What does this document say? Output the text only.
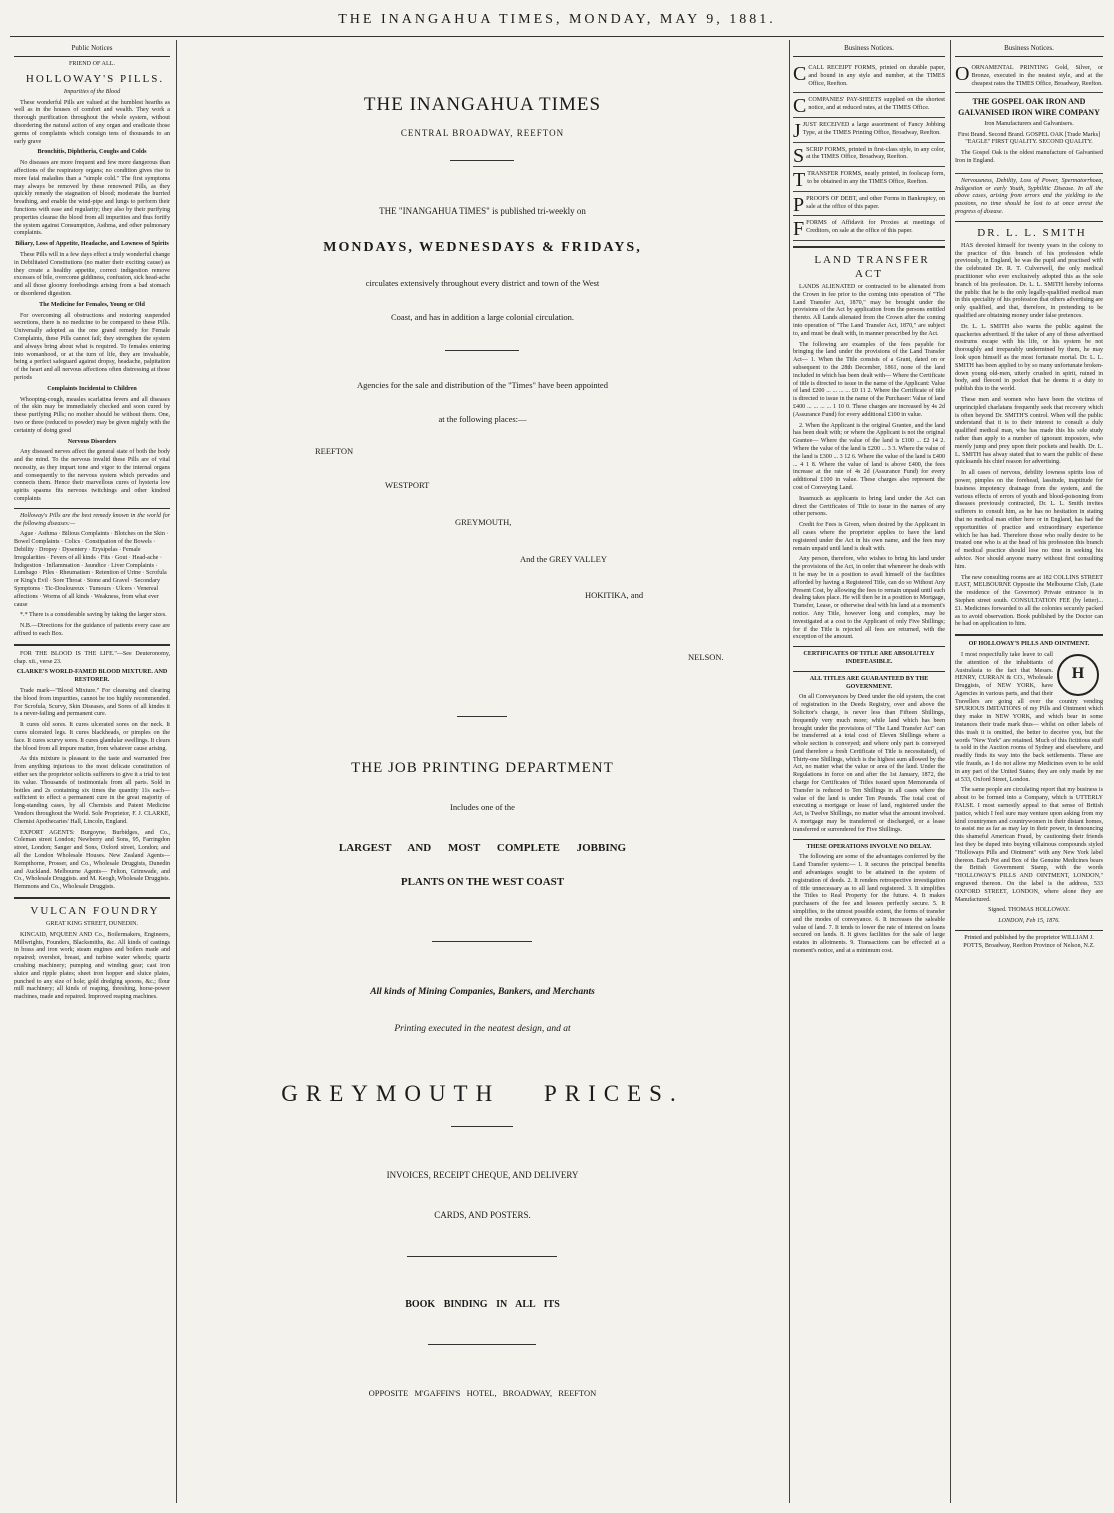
THE INANGAHUA TIMES, MONDAY, MAY 9, 1881.
Public Notices

FRIEND OF ALL.

HOLLOWAY'S PILLS.

Impurities of the Blood

These wonderful Pills are valued at the humblest hearths as well as in the houses of comfort and wealth. They work a thorough purification throughout the whole system, without disordering the natural action of any organ and eradicate those germs of complaints which consign tens of thousands to an early grave

Bronchitis, Diphtheria, Coughs and Colds

No diseases are more frequent and few more dangerous than affections of the respiratory organs; no condition gives rise to more fatal maladies than a "simple cold." The first symptoms may always be removed by these renowned Pills, as they quickly remedy the stagnation of blood; moderate the hurried breathing, and enable the wind-pipe and lungs to perform their functions with ease and regularity; they also by their purifying properties cleanse the blood from all impurities and thus fortify the system against Consumption, Asthma, and other pulmonary complaints.

Biliary, Loss of Appetite, Headache, and Lowness of Spirits

These Pills will in a few days effect a truly wonderful change in Debilitated Constitutions (no matter their exciting cause) as they create a healthy appetite, correct indigestion remove excesses of bile, overcome giddiness, confusion, sick head-ache and all those gloomy forebodings arising from a bad stomach or disordered digestion.

The Medicine for Females, Young or Old

For overcoming all obstructions and restoring suspended secretions, there is no medicine to be compared to these Pills. Universally adopted as the one grand remedy for Female Complaints, these Pills cannot fail; they strengthen the system and always bring about what is required. To females entering into womanhood, or at the turn of life, they are invaluable, being a perfect safeguard against dropsy, headache, palpitation of the heart and all nervous affections often distressing at those periods

Complaints Incidental to Children

Whooping-cough, measles scarlatina fevers and all diseases of the skin may be immediately checked and soon cured by these purifying Pills; no mother should be without them. One, two or three (reduced to powder) may be given nightly with the certainty of doing good

Nervous Disorders

Any diseased nerves affect the general state of both the body and the mind. To the nervous invalid these Pills are of vital necessity, as they impart tone and vigor to the internal organs and consequently to the nervous system which pervades and connects them. Hence their marvellous cures of hysteria low spirits spasms fits nervous twitchings and other kindred complaints

Holloway's Pills are the best remedy known in the world for the following diseases:—

Ague · Asthma · Bilious Complaints · Blotches on the Skin · Bowel Complaints · Colics · Constipation of the Bowels · Debility · Dropsy · Dysentery · Erysipelas · Female Irregularities · Fevers of all kinds · Fits · Gout · Head-ache · Indigestion · Inflammation · Jaundice · Liver Complaints · Lumbago · Piles · Rheumatism · Retention of Urine · Scrofula or King's Evil · Sore Throat · Stone and Gravel · Secondary Symptoms · Tic-Douloureux · Tumours · Ulcers · Venereal affections · Worms of all kinds · Weakness, from what ever cause

*.* There is a considerable saving by taking the larger sizes.

N.B.—Directions for the guidance of patients every case are affixed to each Box.

FOR THE BLOOD IS THE LIFE."—See Deuteronomy, chap. xii., verse 23.

CLARKE'S WORLD-FAMED BLOOD MIXTURE. AND RESTORER.

Trade mark—"Blood Mixture." For cleansing and clearing the blood from impurities, cannot be too highly recommended. For Scrofula, Scurvy, Skin Diseases, and Sores of all kindes it is a never-failing and permanent cure.

It cures old sores. It cures ulcerated sores on the neck. It cures ulcerated legs. It cures blackheads, or pimples on the face. It cures scurvy sores. It cures glandular swellings. It clears the blood from all impure matter, from whatever cause arising.

As this mixture is pleasant to the taste and warranted free from anything injurious to the most delicate constitution of either sex the proprietor solicits sufferers to give it a trial to test its value. Thousands of testimonials from all parts. Sold in bottles and 2s containing six times the quantity 11s each—sufficient to effect a permanent cure in the great majority of long-standing cases, by all Chemists and Patent Medicine Vendors throughout the World. Sole Proprietor, F. J. CLARKE, Chemist Apothecaries' Hall, Lincoln, England.

EXPORT AGENTS: Burgoyne, Burbidges, and Co., Coleman street London; Newberry and Sons, 95, Farringdon street, London; Sanger and Sons, Oxford street, London; and all the London Wholesale Houses. New Zealand Agents— Kempthorne, Prosser, and Co., Wholesale Druggists, Dunedin and Auckland. Melbourne Agents— Felton, Grimwade, and Co., Wholesale Druggists. and M. Keogh, Wholesale Druggists. Hemmons and Co., Wholesale Druggists.

VULCAN FOUNDRY

GREAT KING STREET, DUNEDIN.

KINCAID, M'QUEEN AND Co., Boilermakers, Engineers, Millwrights, Founders, Blacksmiths, &c. All kinds of castings in brass and iron work; steam engines and boilers made and repaired; overshot, breast, and turbine water wheels; quartz crushing machinery; pumping and winding gear; cast iron sluice and ripple plates; sheet iron hopper and sluice plates, punched to any size of hole; gold dredging spoons, &c.; flour mill machinery; all kinds of reaping, threshing, horse-power machines, made and repaired. Improved reaping machines.

THE INANGAHUA TIMES
CENTRAL BROADWAY, REEFTON
THE "INANGAHUA TIMES" is published tri-weekly on
MONDAYS, WEDNESDAYS & FRIDAYS,
circulates extensively throughout every district and town of the West
Coast, and has in addition a large colonial circulation.
Agencies for the sale and distribution of the "Times" have been appointed
at the following places:—
REEFTON
WESTPORT
GREYMOUTH,
And the GREY VALLEY
HOKITIKA, and
NELSON.
THE JOB PRINTING DEPARTMENT
Includes one of the
LARGEST AND MOST COMPLETE JOBBING
PLANTS ON THE WEST COAST
All kinds of Mining Companies, Bankers, and Merchants
Printing executed in the neatest design, and at
GREYMOUTH PRICES.
INVOICES, RECEIPT CHEQUE, AND DELIVERY
CARDS, AND POSTERS.
BOOK BINDING IN ALL ITS
OPPOSITE M'GAFFIN'S HOTEL, BROADWAY, REEFTON
Business Notices.
CCALL RECEIPT FORMS, printed on durable paper, and bound in any style and number, at the TIMES Office, Reefton.
CCOMPANIES' PAY-SHEETS supplied on the shortest notice, and at reduced rates, at the TIMES Office.
JJUST RECEIVED a large assortment of Fancy Jobbing Type, at the TIMES Printing Office, Broadway, Reefton.
SSCRIP FORMS, printed in first-class style, in any color, at the TIMES Office, Broadway, Reefton.
TTRANSFER FORMS, neatly printed, in foolscap form, to be obtained in any the TIMES Office, Reefton.
PPROOFS OF DEBT, and other Forms in Bankruptcy, on sale at the office of this paper.
FFORMS of Affidavit for Proxies at meetings of Creditors, on sale at the office of this paper.

LAND TRANSFER ACT

LANDS ALIENATED or contracted to be alienated from the Crown in fee prior to the coming into operation of "The Land Transfer Act, 1870," may be brought under the provisions of the Act by application from the persons entitled thereto. All Lands alienated from the Crown after the coming into operation of "The Land Transfer Act, 1870," are subject to, and must be dealt with, in manner prescribed by the Act.

The following are examples of the fees payable for bringing the land under the provisions of the Land Transfer Act— 1. When the Title consists of a Grant, dated on or subsequent to the 28th December, 1861, none of the land included in which has been dealt with— Where the Certificate of title is directed to issue in the name of the Applicant: Value of land £200 ... ... ... ... £0 11 2. Where the Certificate of title is directed to issue in the name of the Purchaser: Value of land £400 ... ... ... ... 1 10 0. These charges are increased by 4s 2d (Assurance Fund) for every additional £100 in value.

2. When the Applicant is the original Grantee, and the land has been dealt with; or where the Applicant is not the original Grantee— Where the value of the land is £100 ... £2 14 2. Where the value of the land is £200 ... 3 3. Where the value of the land is £300 ... 3 12 6. Where the value of the land is £400 ... 4 1 8. Where the value of land is above £400, the fees increase at the rate of 4s 2d (Assurance Fund) for every additional £100 in value. These charges also represent the cost of Conveying Land.

Inasmuch as applicants to bring land under the Act can direct the Certificates of Title to issue in the names of any other persons.

Credit for Fees is Given, when desired by the Applicant in all cases where the proprietor applies to have the land registered under the Act in his own name, and the fees may remain unpaid until land is dealt with.

Any person, therefore, who wishes to bring his land under the provisions of the Act, in order that whenever he deals with it he may be in a position to avail himself of the facilities afforded by having a Registered Title, can do so Without Any Present Cost, by allowing the fees to remain unpaid until such dealing takes place. He will then be in a position to Mortgage, Transfer, Lease, or otherwise deal with his land at a moment's notice. Any Title, however long and complex, may be investigated at a cost to the Applicant of only Five Shillings; for if the Title is rejected all fees are returned, with the exception of the amount.

CERTIFICATES OF TITLE ARE ABSOLUTELY INDEFEASIBLE.

ALL TITLES ARE GUARANTEED BY THE GOVERNMENT.

On all Conveyances by Deed under the old system, the cost of registration in the Deeds Registry, over and above the Solicitor's charge, is never less than Fifteen Shillings, frequently very much more; while land which has been brought under the provisions of "The Land Transfer Act" can be transferred at a total cost of Eleven Shillings where a whole section is conveyed; and where only part is conveyed (and therefore a fresh Certificate of Title is necessitated), of Thirty-one Shillings, which is the highest sum allowed by the Act, no matter what the value or area of the land. Under the Regulations in force on and after the 1st January, 1872, the charge for Certificates of Titles issued upon Memoranda of Transfer is reduced to Ten Shillings in all cases where the value of the land is under Ten Pounds. The total cost of executing a mortgage or lease of land, registered under the Act, is Twelve Shillings, no matter what the amount involved. A mortgage may be transferred or discharged, or a lease transferred or surrendered for Five Shillings.

THESE OPERATIONS INVOLVE NO DELAY.

The following are some of the advantages conferred by the Land Transfer system:— 1. It secures the principal benefits and advantages sought to be attained in the system of registration of deeds. 2. It renders retrospective investigation of title unnecessary as to all land registered. 3. It simplifies the Titles to Real Property for the future. 4. It makes purchasers of the fee and lessees perfectly secure. 5. It simplifies, to the utmost possible extent, the forms of transfer and the modes of conveyance. 6. It increases the saleable value of land. 7. It tends to lower the rate of interest on loans secured on lands. 8. It gives facilities for the sale of large estates in allotments. 9. Transactions can be effected at a moment's notice, and at a minimum cost.

Business Notices.
OORNAMENTAL PRINTING Gold, Silver, or Bronze, executed in the neatest style, and at the cheapest rates the TIMES Office, Broadway, Reefton.

THE GOSPEL OAK IRON AND GALVANISED IRON WIRE COMPANY

Iron Manufacturers and Galvanisers.

First Brand. Second Brand. GOSPEL OAK [Trade Marks] "EAGLE" FIRST QUALITY. SECOND QUALITY.

The Gospel Oak is the oldest manufacture of Galvanised Iron in England.

Nervousness, Debility, Loss of Power, Spermatorrhoea, Indigestion or early Youth, Syphilitic Disease. In all the above cases, arising from errors and the yielding to the passions, no time should be lost to at once arrest the progress of disease.

DR. L. L. SMITH

HAS devoted himself for twenty years in the colony to the practice of this branch of his profession while previously, in England, he was the pupil and practised with the celebrated Dr. R. T. Culverwell, the only medical practitioner who ever exclusively adopted this as the sole branch of his profession. Dr. L. L. SMITH hereby informs the public that he is the only legally-qualified medical man in this speciality of his profession that others advertising are only qualified, and that, therefore, in pretending to be qualified are obtaining money under false pretences.

Dr. L. L. SMITH also warns the public against the quackeries advertised. If the taker of any of these advertised nostrums escape with his life, or his system be not thoroughly and irreparably undermined by them, he may look upon himself as the most fortunate mortal. Dr. L. L. SMITH has been applied to by so many unfortunate broken-down young old-men, utterly crushed in spirit, ruined in body, and fleeced in pocket that he deems it a duty to publish this to the world.

These men and women who have been the victims of unprincipled charlatans frequently seek that recovery which is often beyond Dr. SMITH'S control. When will the public understand that it is to their interest to consult a duly qualified medical man, who has made this his sole study rather than apply to a number of ignorant impostors, who merely jump and prey upon their pockets and health. Dr. L. L. SMITH has alway stated that to warn the public of these quicksands his chief reason for advertising.

In all cases of nervous, debility lowness spirits loss of power, pimples on the forehead, lassitude, inaptitude for business impotency drainage from the system, and the various effects of errors of youth and blood-poisoning from diseases previously contracted, Dr. L. L. Smith invites sufferers to consult him, as he has no hesitation in stating that no medical man either here or in England, has had the opportunities of practice and extraordinary experience which he has had. Therefore those who really desire to be treated one who is at the head of his profession this branch of medical practice should lose no time in seeking his advice. Nor should anyone marry without first consulting him.

The new consulting rooms are at 182 COLLINS STREET EAST, MELBOURNE Opposite the Melbourne Club, (Late the residence of the Governor) Private entrance is in Stephen street south. CONSULTATION FEE (by letter)... £1. Medicines forwarded to all the colonies securely packed as to avoid observation. Book published by the Doctor can be had on application to him.

OF HOLLOWAY'S PILLS AND OINTMENT.

H

I most respectfully take leave to call the attention of the inhabitants of Australasia to the fact that Messrs. HENRY, CURRAN & CO., Wholesale Druggists, of NEW YORK, have Agencies in various parts, and that their Travellers are going all over the country vending SPURIOUS IMITATIONS of my Pills and Ointment which they make in NEW YORK, and which bear in some instances their trade mark thus— whilst on other labels of this trash it is omitted, the better to deceive you, but the words "New York" are retained. Much of this fictitious stuff is sold in the Auction rooms of Sydney and elsewhere, and readily finds its way into the back settlements. These are vile frauds, as I do not allow my Medicines even to be sold in any part of the United States; they are only made by me at 533, Oxford Street, London.

The same people are circulating report that my business is about to be formed into a Company, which is UTTERLY FALSE. I most earnestly appeal to that sense of British justice, which I feel sure may venture upon asking from my kind countrymen and countrywomen in their distant homes, to assist me as far as may lay in their power, in denouncing this shameful American Fraud, by cautioning their friends lest they be duped into buying villainous compounds styled "Holloways Pills and Ointment" with any New York label thereon. Each Pot and Box of the Genuine Medicines bears the British Government Stamp, with the words "HOLLOWAY'S PILLS AND OINTMENT, LONDON," engraved thereon. On the label is the address, 533 OXFORD STREET, LONDON, where alone they are Manufactured.

Signed. THOMAS HOLLOWAY.

LONDON, Feb 15, 1876.

Printed and published by the proprietor WILLIAM J. POTTS, Broadway, Reefton Province of Nelson, N.Z.
